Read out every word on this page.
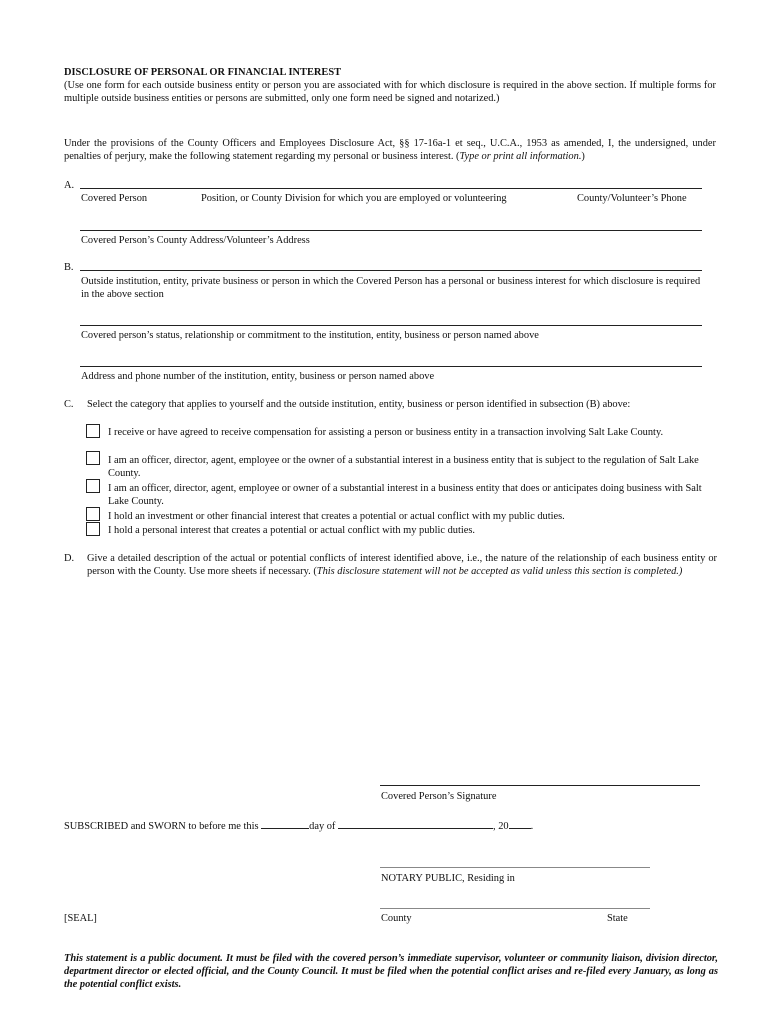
DISCLOSURE OF PERSONAL OR FINANCIAL INTEREST
(Use one form for each outside business entity or person you are associated with for which disclosure is required in the above section. If multiple forms for multiple outside business entities or persons are submitted, only one form need be signed and notarized.)
Under the provisions of the County Officers and Employees Disclosure Act, §§ 17-16a-1 et seq., U.C.A., 1953 as amended, I, the undersigned, under penalties of perjury, make the following statement regarding my personal or business interest. (Type or print all information.)
A.
Covered Person	Position, or County Division for which you are employed or volunteering	County/Volunteer’s Phone
Covered Person’s County Address/Volunteer’s Address
B.
Outside institution, entity, private business or person in which the Covered Person has a personal or business interest for which disclosure is required in the above section
Covered person’s status, relationship or commitment to the institution, entity, business or person named above
Address and phone number of the institution, entity, business or person named above
C. Select the category that applies to yourself and the outside institution, entity, business or person identified in subsection (B) above:
I receive or have agreed to receive compensation for assisting a person or business entity in a transaction involving Salt Lake County.
I am an officer, director, agent, employee or the owner of a substantial interest in a business entity that is subject to the regulation of Salt Lake County.
I am an officer, director, agent, employee or owner of a substantial interest in a business entity that does or anticipates doing business with Salt Lake County.
I hold an investment or other financial interest that creates a potential or actual conflict with my public duties.
I hold a personal interest that creates a potential or actual conflict with my public duties.
D. Give a detailed description of the actual or potential conflicts of interest identified above, i.e., the nature of the relationship of each business entity or person with the County. Use more sheets if necessary. (This disclosure statement will not be accepted as valid unless this section is completed.)
Covered Person’s Signature
SUBSCRIBED and SWORN to before me this	day of	, 20 .
NOTARY PUBLIC, Residing in
[SEAL]	County	State
This statement is a public document. It must be filed with the covered person’s immediate supervisor, volunteer or community liaison, division director, department director or elected official, and the County Council. It must be filed when the potential conflict arises and re-filed every January, as long as the potential conflict exists.
